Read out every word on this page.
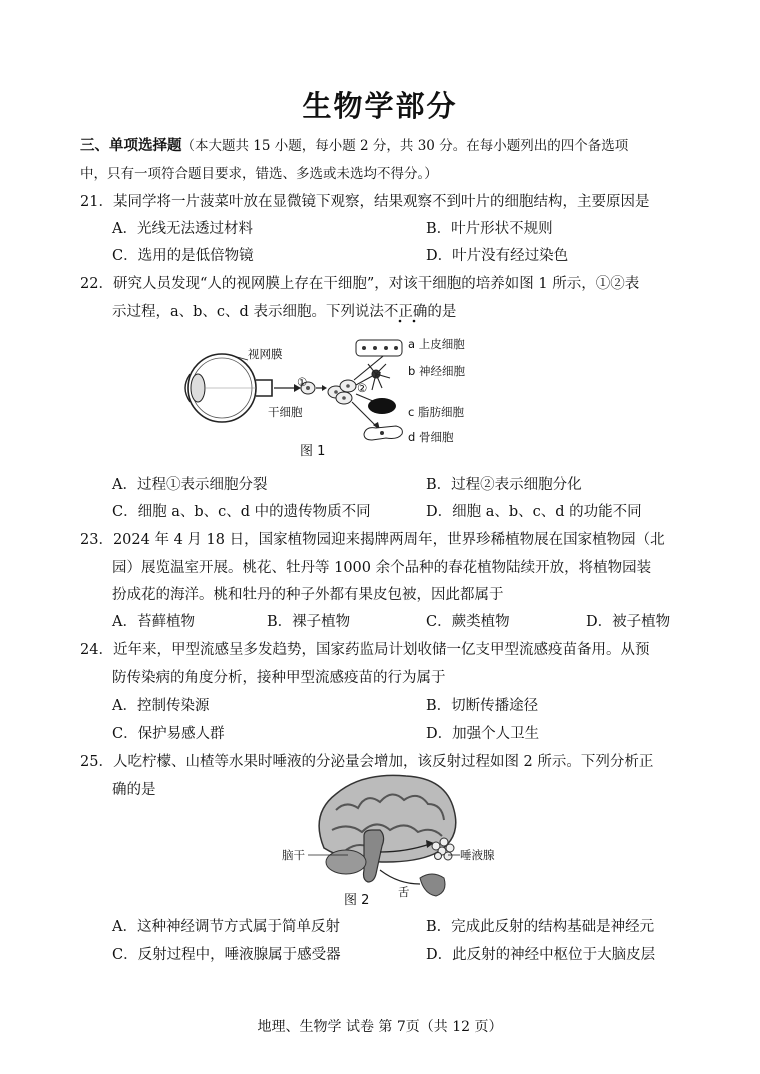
生物学部分
三、单项选择题（本大题共 15 小题，每小题 2 分，共 30 分。在每小题列出的四个备选项
中，只有一项符合题目要求，错选、多选或未选均不得分。）
21．某同学将一片菠菜叶放在显微镜下观察，结果观察不到叶片的细胞结构，主要原因是
A．光线无法透过材料	B．叶片形状不规则
C．选用的是低倍物镜	D．叶片没有经过染色
22．研究人员发现“人的视网膜上存在干细胞”，对该干细胞的培养如图 1 所示，①②表
示过程，a、b、c、d 表示细胞。下列说法不正确的是
视网膜
干细胞
①	②
a 上皮细胞
b 神经细胞
c 脂肪细胞
d 骨细胞
图 1
A．过程①表示细胞分裂	B．过程②表示细胞分化
C．细胞 a、b、c、d 中的遗传物质不同	D．细胞 a、b、c、d 的功能不同
23．2024 年 4 月 18 日，国家植物园迎来揭牌两周年，世界珍稀植物展在国家植物园（北
园）展览温室开展。桃花、牡丹等 1000 余个品种的春花植物陆续开放，将植物园装
扮成花的海洋。桃和牡丹的种子外都有果皮包被，因此都属于
A．苔藓植物	B．裸子植物	C．蕨类植物	D．被子植物
24．近年来，甲型流感呈多发趋势，国家药监局计划收储一亿支甲型流感疫苗备用。从预
防传染病的角度分析，接种甲型流感疫苗的行为属于
A．控制传染源	B．切断传播途径
C．保护易感人群	D．加强个人卫生
25．人吃柠檬、山楂等水果时唾液的分泌量会增加，该反射过程如图 2 所示。下列分析正
确的是
脑干	唾液腺
舌
图 2
A．这种神经调节方式属于简单反射	B．完成此反射的结构基础是神经元
C．反射过程中，唾液腺属于感受器	D．此反射的神经中枢位于大脑皮层
地理、生物学 试卷 第 7页（共 12 页）
